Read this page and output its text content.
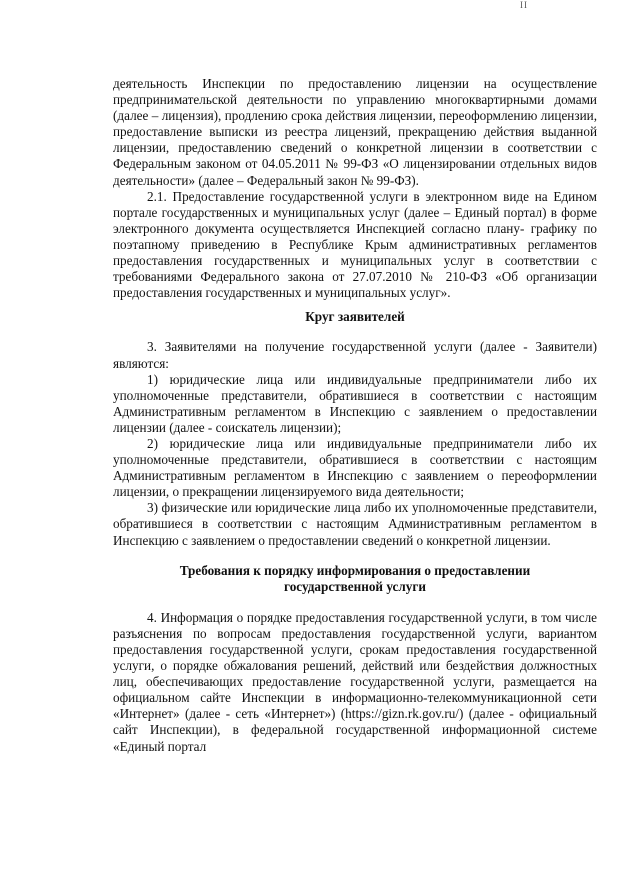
II

деятельность Инспекции по предоставлению лицензии на осуществление предпринимательской деятельности по управлению многоквартирными домами (далее – лицензия), продлению срока действия лицензии, переоформлению лицензии, предоставление выписки из реестра лицензий, прекращению действия выданной лицензии, предоставлению сведений о конкретной лицензии в соответствии с Федеральным законом от 04.05.2011 № 99-ФЗ «О лицензировании отдельных видов деятельности» (далее – Федеральный закон № 99-ФЗ).

2.1. Предоставление государственной услуги в электронном виде на Едином портале государственных и муниципальных услуг (далее – Единый портал) в форме электронного документа осуществляется Инспекцией согласно плану- графику по поэтапному приведению в Республике Крым административных регламентов предоставления государственных и муниципальных услуг в соответствии с требованиями Федерального закона от 27.07.2010 № 210-ФЗ «Об организации предоставления государственных и муниципальных услуг».

Круг заявителей

3. Заявителями на получение государственной услуги (далее - Заявители) являются:

1) юридические лица или индивидуальные предприниматели либо их уполномоченные представители, обратившиеся в соответствии с настоящим Административным регламентом в Инспекцию с заявлением о предоставлении лицензии (далее - соискатель лицензии);

2) юридические лица или индивидуальные предприниматели либо их уполномоченные представители, обратившиеся в соответствии с настоящим Административным регламентом в Инспекцию с заявлением о переоформлении лицензии, о прекращении лицензируемого вида деятельности;

3) физические или юридические лица либо их уполномоченные представители, обратившиеся в соответствии с настоящим Административным регламентом в Инспекцию с заявлением о предоставлении сведений о конкретной лицензии.

Требования к порядку информирования о предоставлении
государственной услуги

4. Информация о порядке предоставления государственной услуги, в том числе разъяснения по вопросам предоставления государственной услуги, вариантом предоставления государственной услуги, срокам предоставления государственной услуги, о порядке обжалования решений, действий или бездействия должностных лиц, обеспечивающих предоставление государственной услуги, размещается на официальном сайте Инспекции в информационно-телекоммуникационной сети «Интернет» (далее - сеть «Интернет») (https://gizn.rk.gov.ru/) (далее - официальный сайт Инспекции), в федеральной государственной информационной системе «Единый портал
